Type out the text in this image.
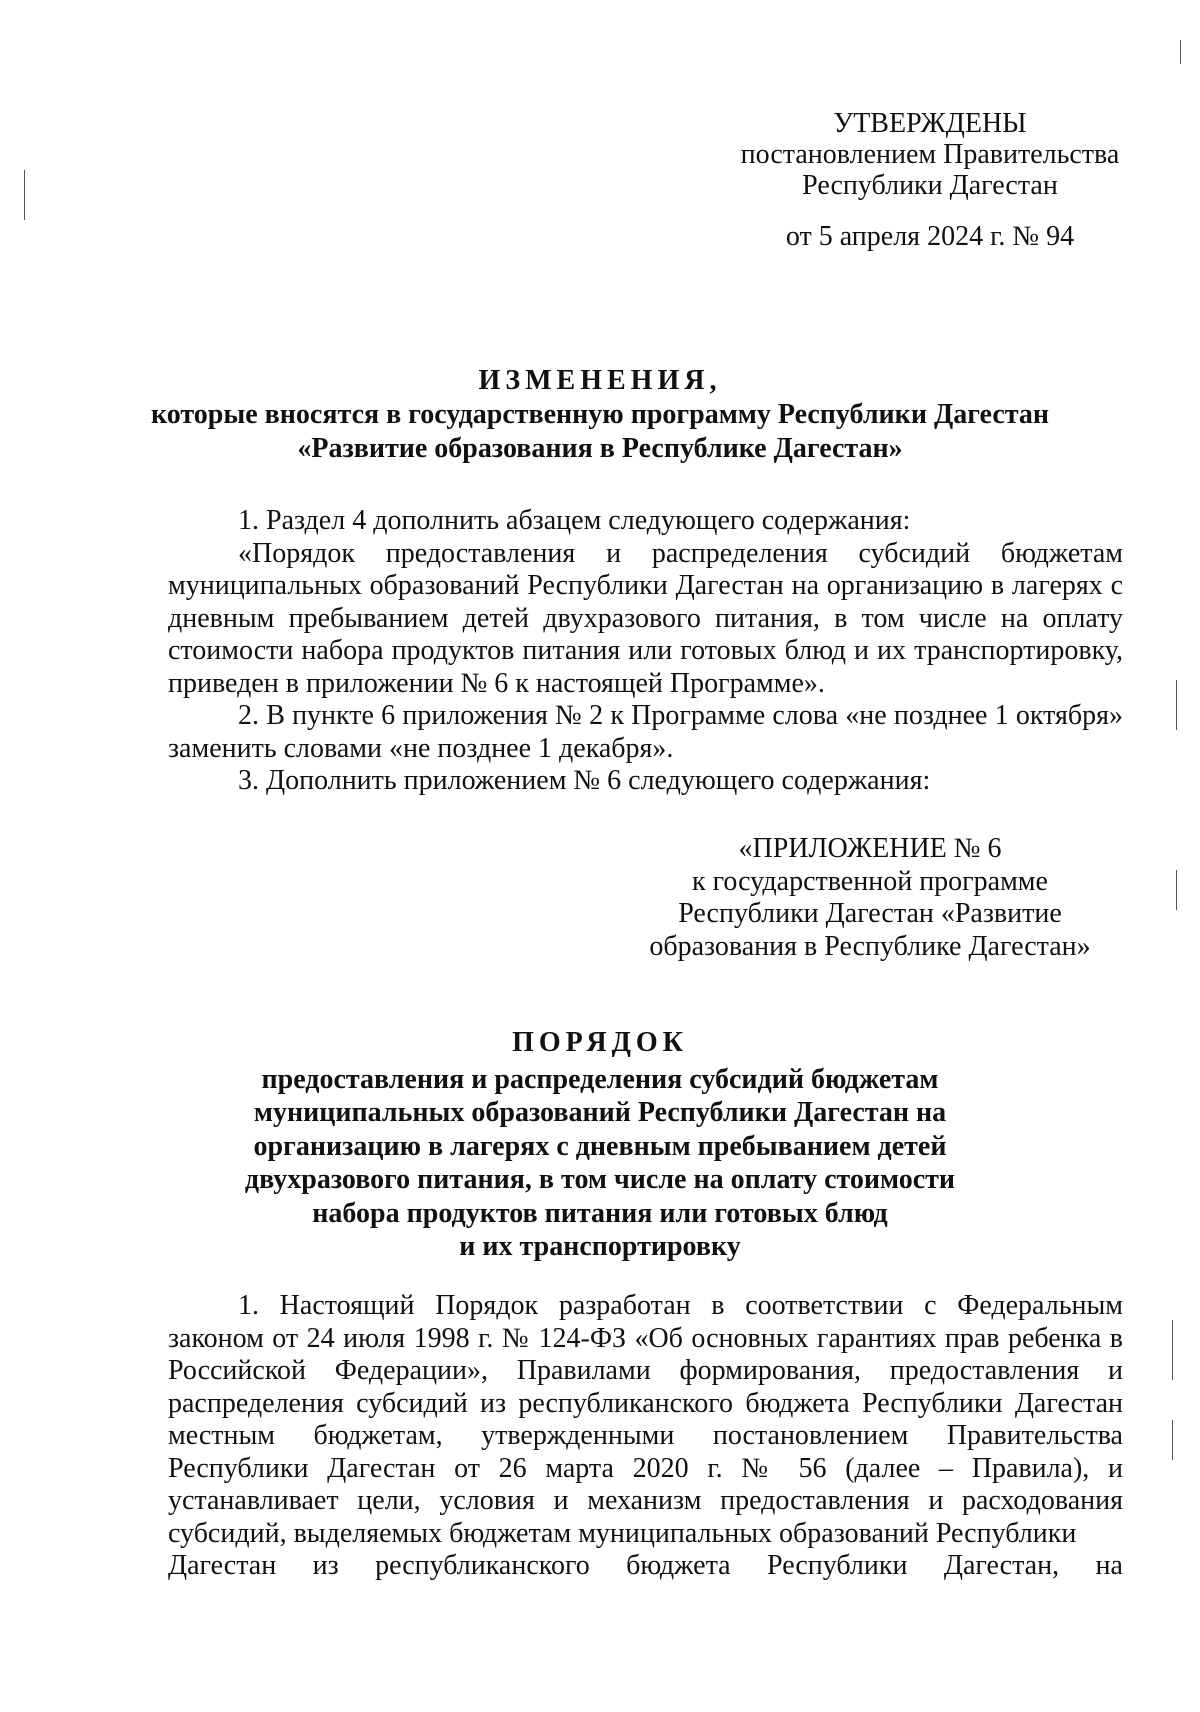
УТВЕРЖДЕНЫ
постановлением Правительства
Республики Дагестан
от 5 апреля 2024 г. № 94
ИЗМЕНЕНИЯ,
которые вносятся в государственную программу Республики Дагестан
«Развитие образования в Республике Дагестан»

1. Раздел 4 дополнить абзацем следующего содержания:

«Порядок предоставления и распределения субсидий бюджетам муниципальных образований Республики Дагестан на организацию в лагерях с дневным пребыванием детей двухразового питания, в том числе на оплату стоимости набора продуктов питания или готовых блюд и их транспортировку, приведен в приложении № 6 к настоящей Программе».

2. В пункте 6 приложения № 2 к Программе слова «не позднее 1 октября» заменить словами «не позднее 1 декабря».

3. Дополнить приложением № 6 следующего содержания:

«ПРИЛОЖЕНИЕ № 6
к государственной программе
Республики Дагестан «Развитие
образования в Республике Дагестан»
ПОРЯДОК
предоставления и распределения субсидий бюджетам
муниципальных образований Республики Дагестан на
организацию в лагерях с дневным пребыванием детей
двухразового питания, в том числе на оплату стоимости
набора продуктов питания или готовых блюд
и их транспортировку

1. Настоящий Порядок разработан в соответствии с Федеральным законом от 24 июля 1998 г. № 124-ФЗ «Об основных гарантиях прав ребенка в Российской Федерации», Правилами формирования, предоставления и распределения субсидий из республиканского бюджета Республики Дагестан местным бюджетам, утвержденными постановлением Правительства Республики Дагестан от 26 марта 2020 г. № 56 (далее – Правила), и устанавливает цели, условия и механизм предоставления и расходования субсидий, выделяемых бюджетам муниципальных образований Республики

Дагестан из республиканского бюджета Республики Дагестан, на
